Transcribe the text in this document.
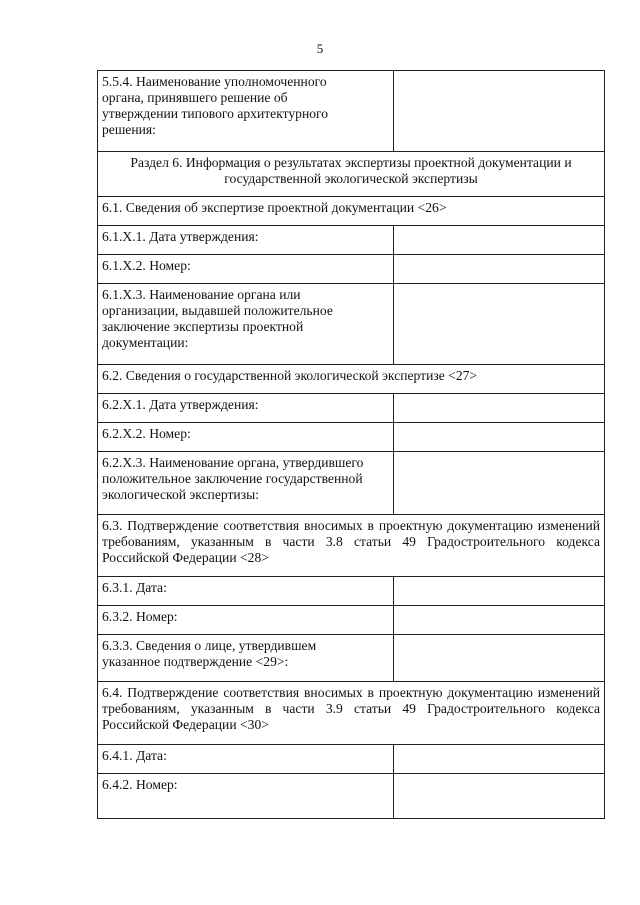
5
5.5.4. Наименование уполномоченного
органа, принявшего решение об
утверждении типового архитектурного
решения:	
Раздел 6. Информация о результатах экспертизы проектной документации и государственной экологической экспертизы	
6.1. Сведения об экспертизе проектной документации <26>	
6.1.X.1. Дата утверждения:	
6.1.X.2. Номер:	
6.1.X.3. Наименование органа или
организации, выдавшей положительное
заключение экспертизы проектной
документации:	
6.2. Сведения о государственной экологической экспертизе <27>	
6.2.X.1. Дата утверждения:	
6.2.X.2. Номер:	
6.2.X.3. Наименование органа, утвердившего
положительное заключение государственной
экологической экспертизы:	
6.3. Подтверждение соответствия вносимых в проектную документацию изменений требованиям, указанным в части 3.8 статьи 49 Градостроительного кодекса Российской Федерации <28>	
6.3.1. Дата:	
6.3.2. Номер:	
6.3.3. Сведения о лице, утвердившем
указанное подтверждение <29>:	
6.4. Подтверждение соответствия вносимых в проектную документацию изменений требованиям, указанным в части 3.9 статьи 49 Градостроительного кодекса Российской Федерации <30>	
6.4.1. Дата:	
6.4.2. Номер:	
